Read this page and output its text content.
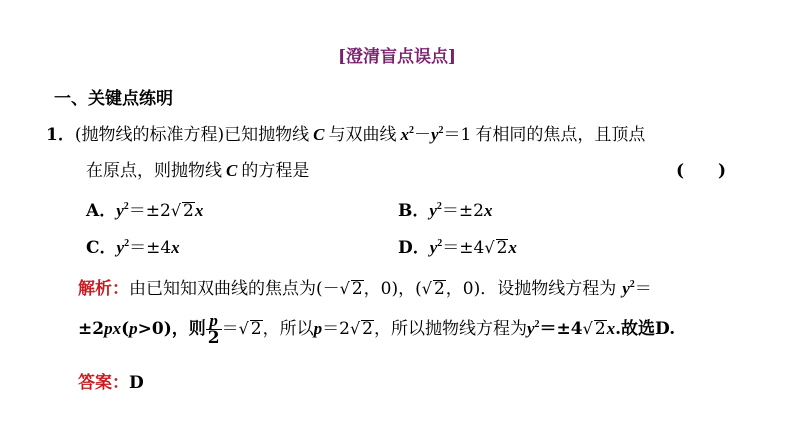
[澄清盲点误点]
一、关键点练明
1．(抛物线的标准方程)已知抛物线 C 与双曲线 $x^2-y^2=1$ 有相同的焦点，且顶点
在原点，则抛物线 C 的方程是	(　　)
A．$y^2=\pm 2√$ 2x	B．$y^2=\pm 2x$
C．$y^2=\pm 4x$	D．$y^2=\pm 4√$ 2x
解析：由已知知双曲线的焦点为(－√ 2，0)，(√ 2，0)．设抛物线方程为 $y^2=$
±2px(p>0)，则 $\frac{p}{2}$ ＝√ 2，所以p＝2√ 2，所以抛物线方程为$y^2=\pm 4√$ 2x.故选D.
答案：D
